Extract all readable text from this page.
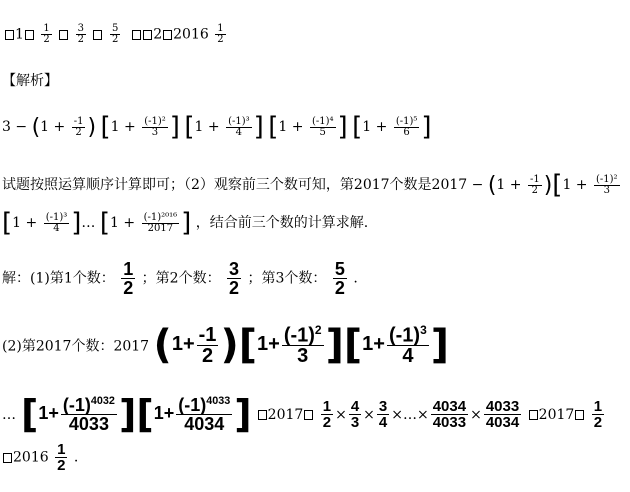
$1 \frac{1}{2}$
$\frac{3}{2}$
$\frac{5}{2} 2$ $2016 \frac{1}{2}$
【解析】
$3 - (1 + \frac{-1}{2}$ ) [$1 + \frac{\text{(-1)²}}{3}$ ] [$1 + \frac{\text{(-1)³}}{4}$ ] [$1 + \frac{\text{(-1)⁴}}{5}$ ] [$1 + \frac{\text{(-1)⁵}}{6}$ ]
试题按照运算顺序计算即可；（2）观察前三个数可知，第2017个数是$2017 - (1 + \frac{-1}{2} )[1 + \frac{\text{(-1)²}}{3}$
[$1 + \frac{\text{(-1)³}}{4}$ ]… [$1 + \frac{\text{(-1)²⁰¹⁶}}{2017}$ ] ，结合前三个数的计算求解.
解：(1)第1个数： $\frac{1}{2}$ ；第2个数： $\frac{3}{2}$ ；第3个数： $\frac{5}{2}$ .
(2)第2017个数：2017 $(1+ \frac{-1}{2} )[1+ \frac{(-1)^2}{3} ][1+ \frac{(-1)^3}{4}$ ]
… $[1+ \frac{(-1)^{4032}}{4033} ][1+ \frac{(-1)^{4033}}{4034}$ ] $2017 \frac{1}{2} \times \frac{4}{3} \times \frac{3}{4}$ ×…× $\frac{4034}{4033} \times \frac{4033}{4034} 2017 \frac{1}{2}$
$2016 \frac{1}{2}$ .
